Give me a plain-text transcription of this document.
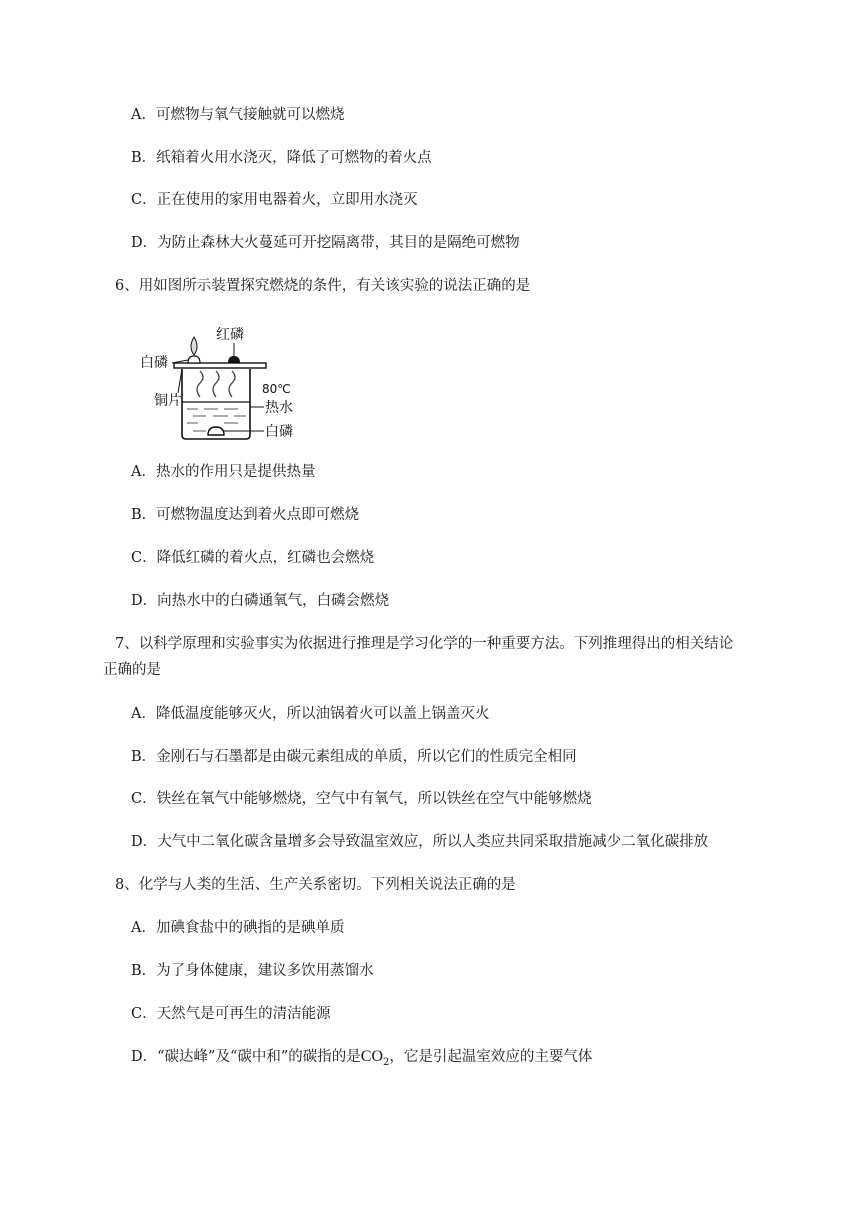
A．可燃物与氧气接触就可以燃烧
B．纸箱着火用水浇灭，降低了可燃物的着火点
C．正在使用的家用电器着火，立即用水浇灭
D．为防止森林大火蔓延可开挖隔离带，其目的是隔绝可燃物
6、用如图所示装置探究燃烧的条件，有关该实验的说法正确的是
红磷
白磷
铜片
80℃
热水
白磷
A．热水的作用只是提供热量
B．可燃物温度达到着火点即可燃烧
C．降低红磷的着火点，红磷也会燃烧
D．向热水中的白磷通氧气，白磷会燃烧
7、以科学原理和实验事实为依据进行推理是学习化学的一种重要方法。下列推理得出的相关结论
正确的是
A．降低温度能够灭火，所以油锅着火可以盖上锅盖灭火
B．金刚石与石墨都是由碳元素组成的单质，所以它们的性质完全相同
C．铁丝在氧气中能够燃烧，空气中有氧气，所以铁丝在空气中能够燃烧
D．大气中二氧化碳含量增多会导致温室效应，所以人类应共同采取措施减少二氧化碳排放
8、化学与人类的生活、生产关系密切。下列相关说法正确的是
A．加碘食盐中的碘指的是碘单质
B．为了身体健康，建议多饮用蒸馏水
C．天然气是可再生的清洁能源
D．“碳达峰”及“碳中和”的碳指的是$CO_2$，它是引起温室效应的主要气体
